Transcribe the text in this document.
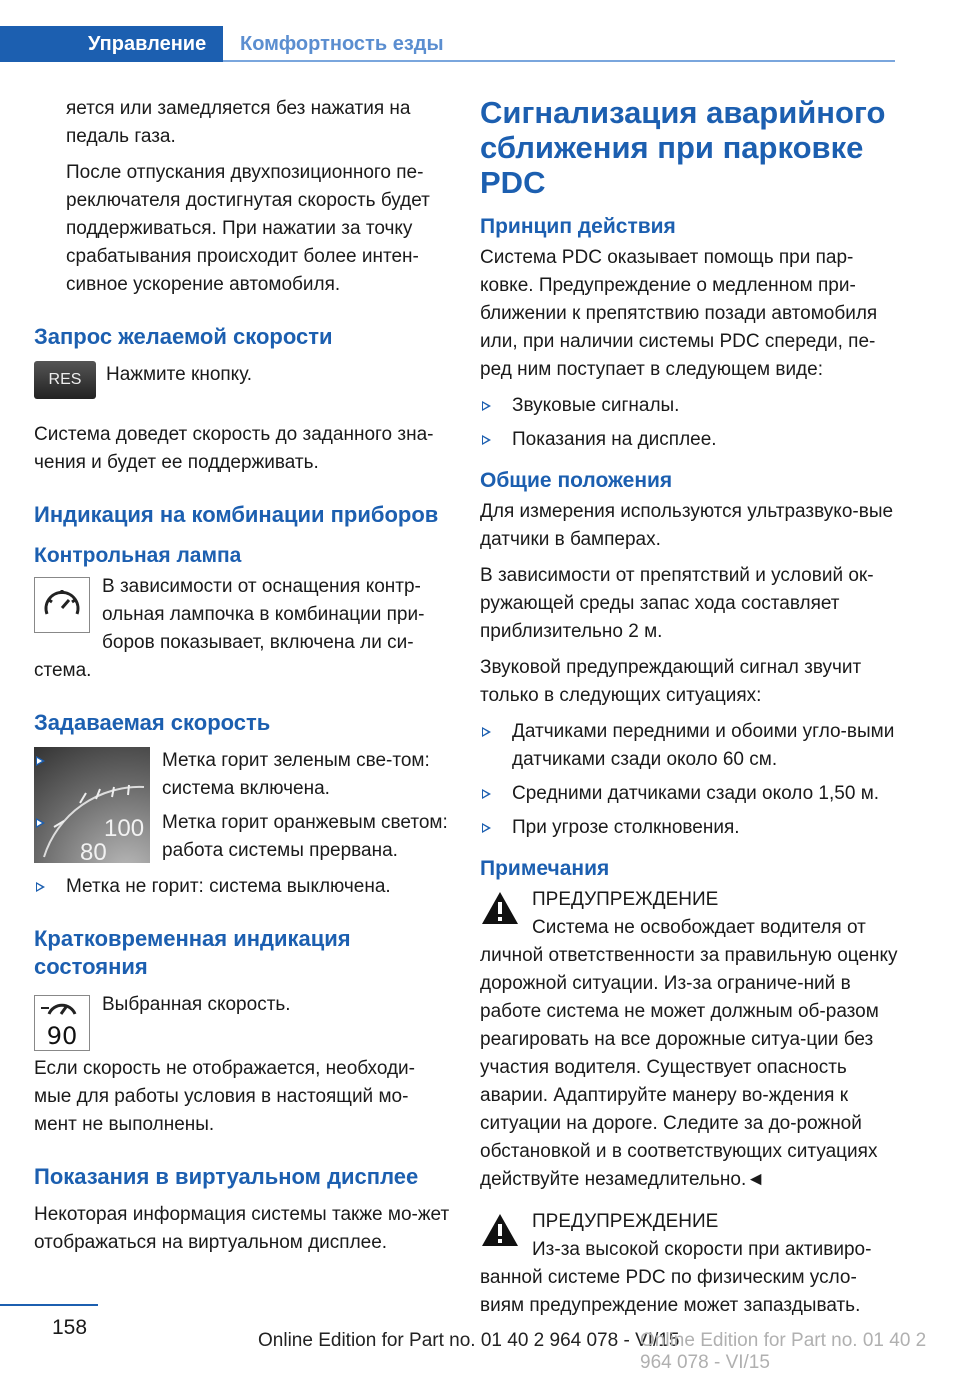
Управление	Комфортность езды

яется или замедляется без нажатия на педаль газа.

После отпускания двухпозиционного пе-реключателя достигнутая скорость будет поддерживаться. При нажатии за точку срабатывания происходит более интен-сивное ускорение автомобиля.

Запрос желаемой скорости
RES	Нажмите кнопку.

Система доведет скорость до заданного зна-чения и будет ее поддерживать.

Индикация на комбинации приборов
Контрольная лампа
В зависимости от оснащения контр-ольная лампочка в комбинации при-боров показывает, включена ли си-стема.
Задаваемая скорость
100
80
Метка горит зеленым све-том: система включена.
Метка горит оранжевым светом: работа системы прервана.
Метка не горит: система выключена.
Кратковременная индикация состояния
90
Выбранная скорость.

Если скорость не отображается, необходи-мые для работы условия в настоящий мо-мент не выполнены.

Показания в виртуальном дисплее

Некоторая информация системы также мо-жет отображаться на виртуальном дисплее.

Сигнализация аварийного сближения при парковке PDC
Принцип действия

Система PDC оказывает помощь при пар-ковке. Предупреждение о медленном при-ближении к препятствию позади автомобиля или, при наличии системы PDC спереди, пе-ред ним поступает в следующем виде:

Звуковые сигналы.
Показания на дисплее.
Общие положения

Для измерения используются ультразвуко-вые датчики в бамперах.

В зависимости от препятствий и условий ок-ружающей среды запас хода составляет приблизительно 2 м.

Звуковой предупреждающий сигнал звучит только в следующих ситуациях:

Датчиками передними и обоими угло-выми датчиками сзади около 60 см.
Средними датчиками сзади около 1,50 м.
При угрозе столкновения.
Примечания
ПРЕДУПРЕЖДЕНИЕ
Система не освобождает водителя от личной ответственности за правильную оценку дорожной ситуации. Из-за ограниче-ний в работе система не может должным об-разом реагировать на все дорожные ситуа-ции без участия водителя. Существует опасность аварии. Адаптируйте манеру во-ждения к ситуации на дороге. Следите за до-рожной обстановкой и в соответствующих ситуациях действуйте незамедлительно.◄
ПРЕДУПРЕЖДЕНИЕ
Из-за высокой скорости при активиро-ванной системе PDC по физическим усло-виям предупреждение может запаздывать.
158
Online Edition for Part no. 01 40 2 964 078 - VI/15
Online Edition for Part no. 01 40 2 964 078 - VI/15
